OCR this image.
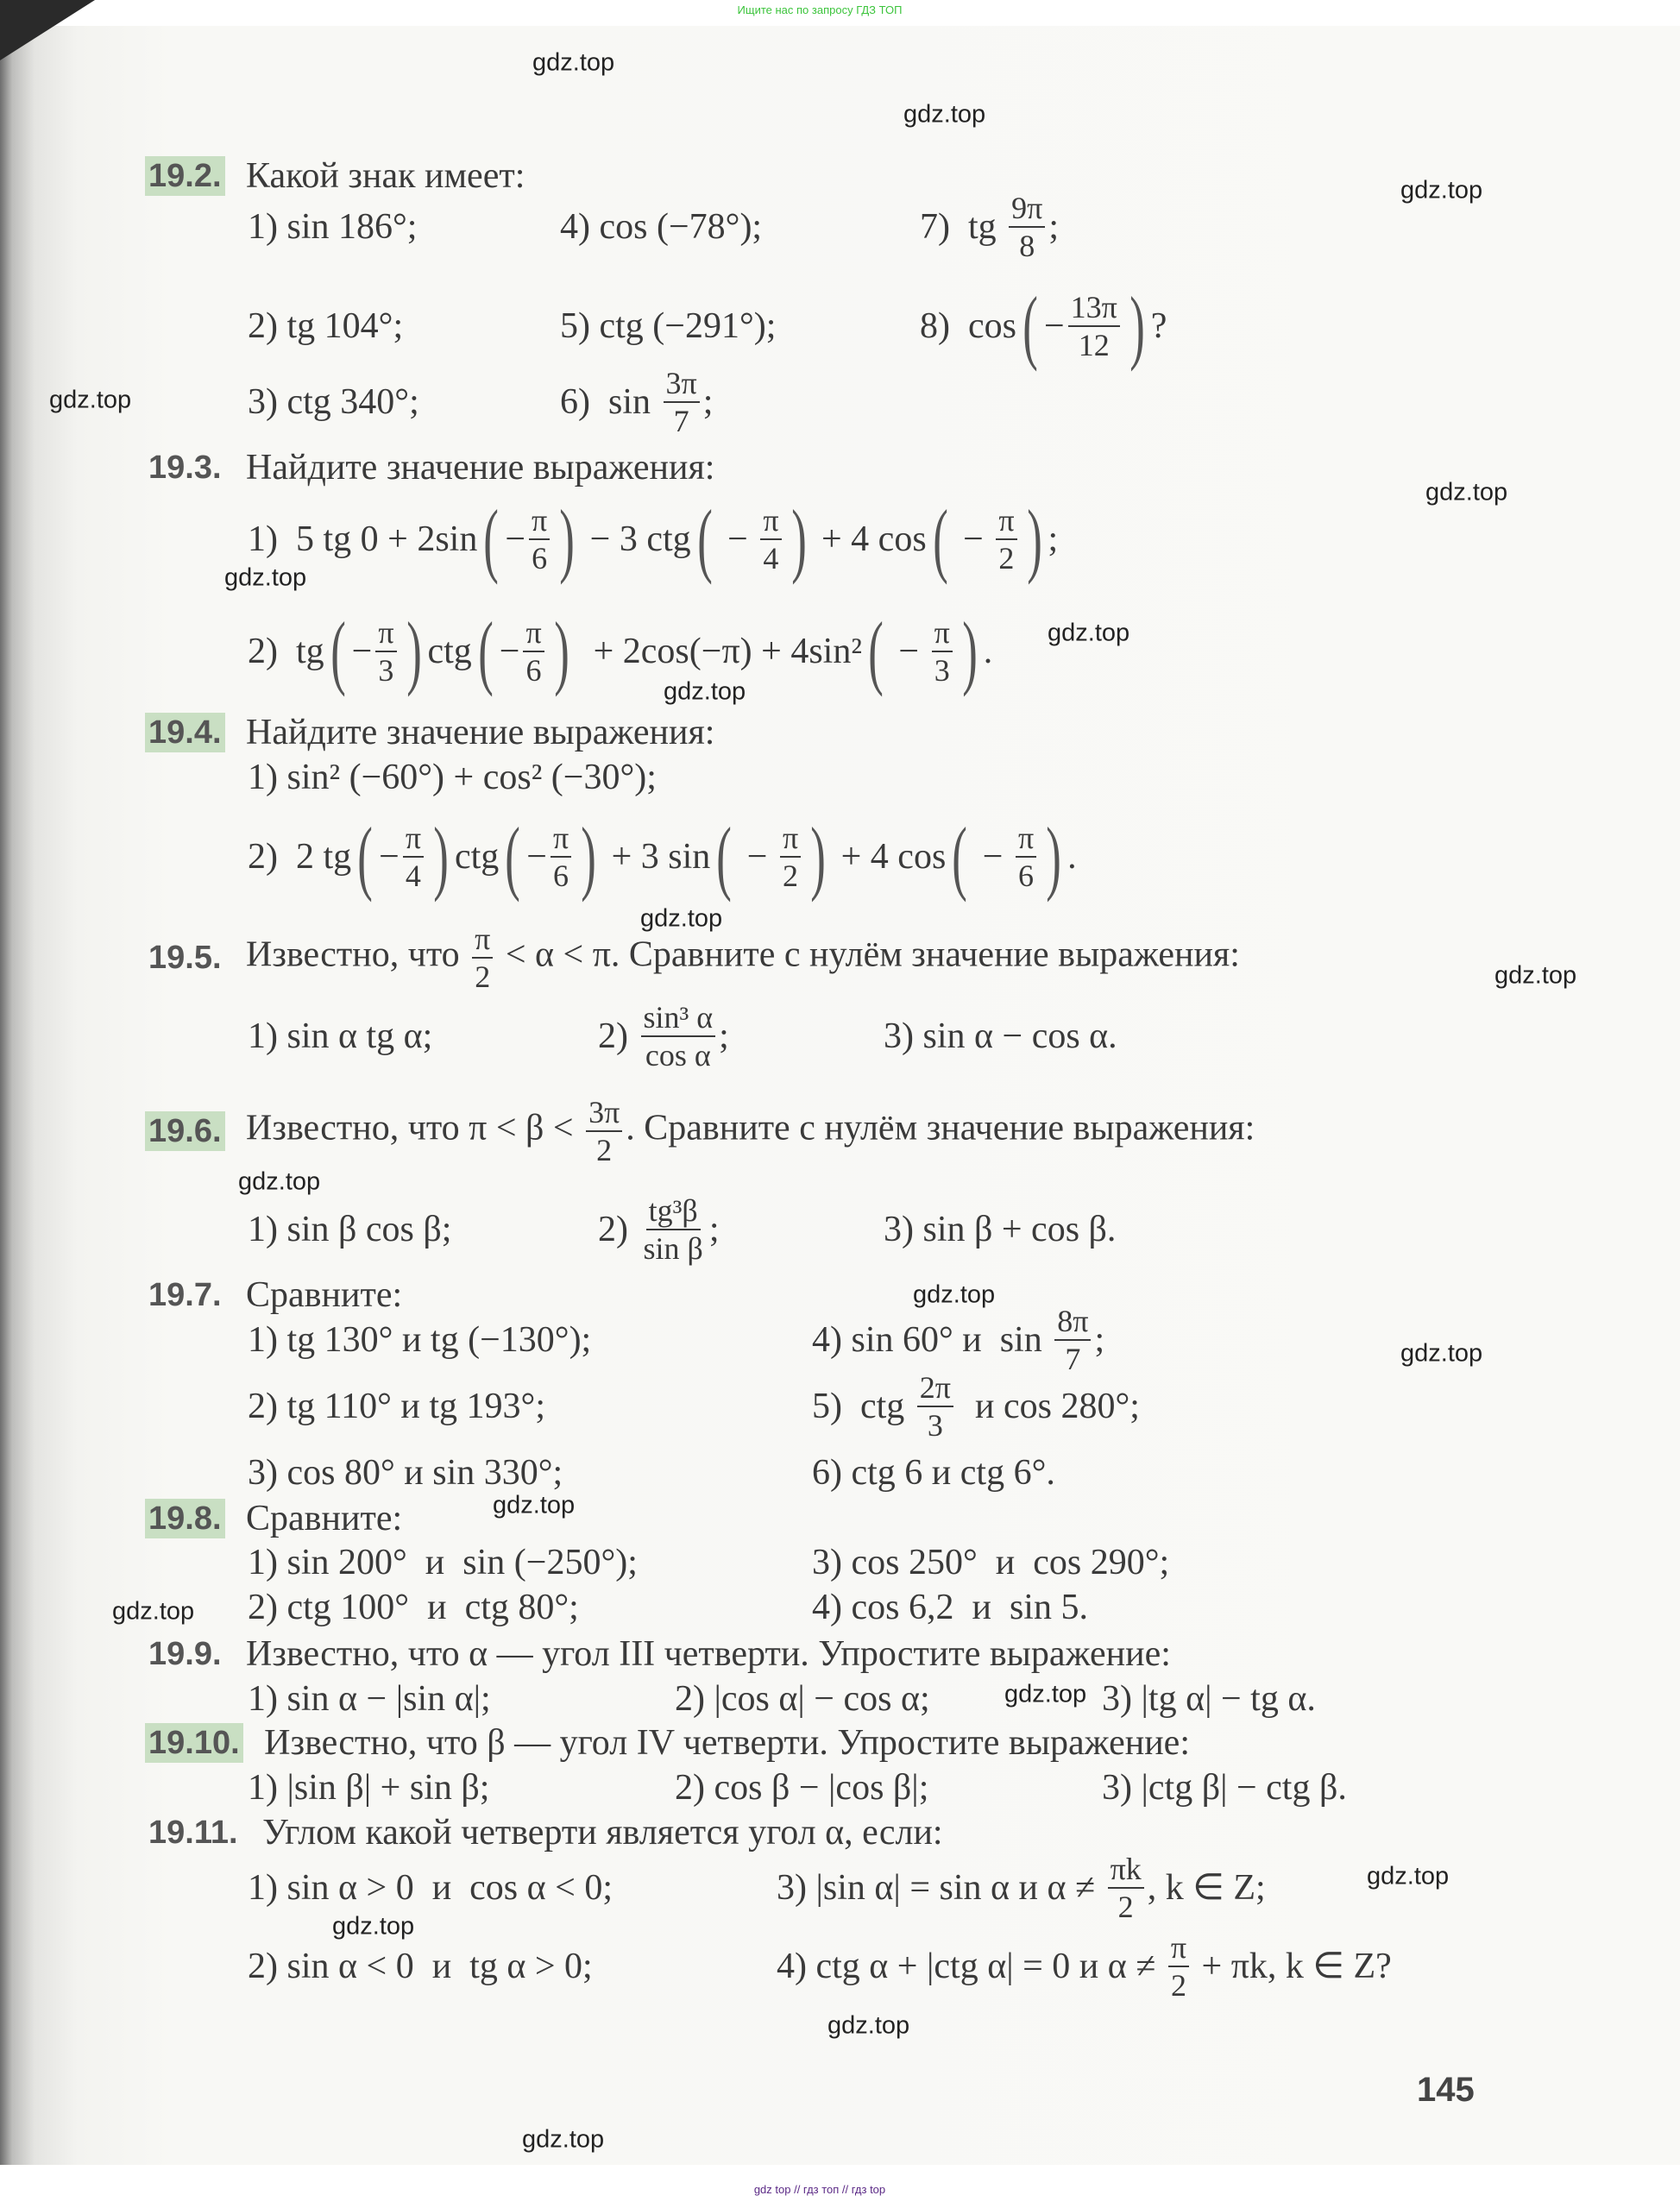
Ищите нас по запросу ГДЗ ТОП
gdz top // гдз топ // гдз top
145
19.2. Какой знак имеет:
1) sin 186°;	4) cos (−78°);	7)  tg $\frac{9\pi}{8}$ ;
2) tg 104°;	5) ctg (−291°);	8)  cos ( − $\frac{13\pi}{12}$ ) ?
3) ctg 340°;	6)  $\sin \frac{3\pi}{7}$ ;
19.3. Найдите значение выражения:
1)  5 tg 0 + 2sin ( − $\frac{\pi}{6}$ ) − 3 ctg ( − $\frac{\pi}{4}$ ) + 4 cos ( − $\frac{\pi}{2}$ ) ;
2)  tg ( − $\frac{\pi}{3}$ ) ctg ( − $\frac{\pi}{6}$ ) + 2cos(−π) + 4sin² ( − $\frac{\pi}{3}$ ) .
19.4. Найдите значение выражения:
1) sin² (−60°) + cos² (−30°);
2)  2 tg ( − $\frac{\pi}{4}$ ) ctg ( − $\frac{\pi}{6}$ ) + 3 sin ( − $\frac{\pi}{2}$ ) + 4 cos ( − $\frac{\pi}{6}$ ) .
19.5. Известно, что $\frac{\pi}{2} < \alpha < \pi$. Сравните с нулём значение выражения:
1) sin α tg α;	$2) \frac{\text{sin³ α}}{\text{cos α}}$ ;	3) sin α − cos α.
19.6. Известно, что $\pi < \beta < \frac{3\pi}{2}$ . Сравните с нулём значение выражения:
1) sin β cos β;	$2) \frac{\text{tg³β}}{\text{sin β}}$ ;	3) sin β + cos β.
19.7. Сравните:
1) tg 130° и tg (−130°);	4) sin 60° и  $\sin \frac{8\pi}{7}$ ;
2) tg 110° и tg 193°;	5)  ctg $\frac{2\pi}{3}$ и cos 280°;
3) cos 80° и sin 330°;	6) ctg 6 и ctg 6°.
19.8. Сравните:
1) sin 200°  и  sin (−250°);	3) cos 250°  и  cos 290°;
2) ctg 100°  и  ctg 80°;	4) cos 6,2  и  sin 5.
19.9. Известно, что α — угол III четверти. Упростите выражение:
1) sin α − |sin α|;	2) |cos α| − cos α;	3) |tg α| − tg α.
19.10. Известно, что β — угол IV четверти. Упростите выражение:
1) |sin β| + sin β;	2) cos β − |cos β|;	3) |ctg β| − ctg β.
19.11. Углом какой четверти является угол α, если:
1) sin α > 0  и  cos α < 0;	3) |sin α| = sin α и $\alpha \ne \frac{\pi k}{2}$ , k ∈ Z;
2) sin α < 0  и  tg α > 0;	4) ctg α + |ctg α| = 0 и $\alpha \ne \frac{\pi}{2} + \pi k$, k ∈ Z?
gdz.top
gdz.top
gdz.top
gdz.top
gdz.top
gdz.top
gdz.top
gdz.top
gdz.top
gdz.top
gdz.top
gdz.top
gdz.top
gdz.top
gdz.top
gdz.top
gdz.top
gdz.top
gdz.top
gdz.top
